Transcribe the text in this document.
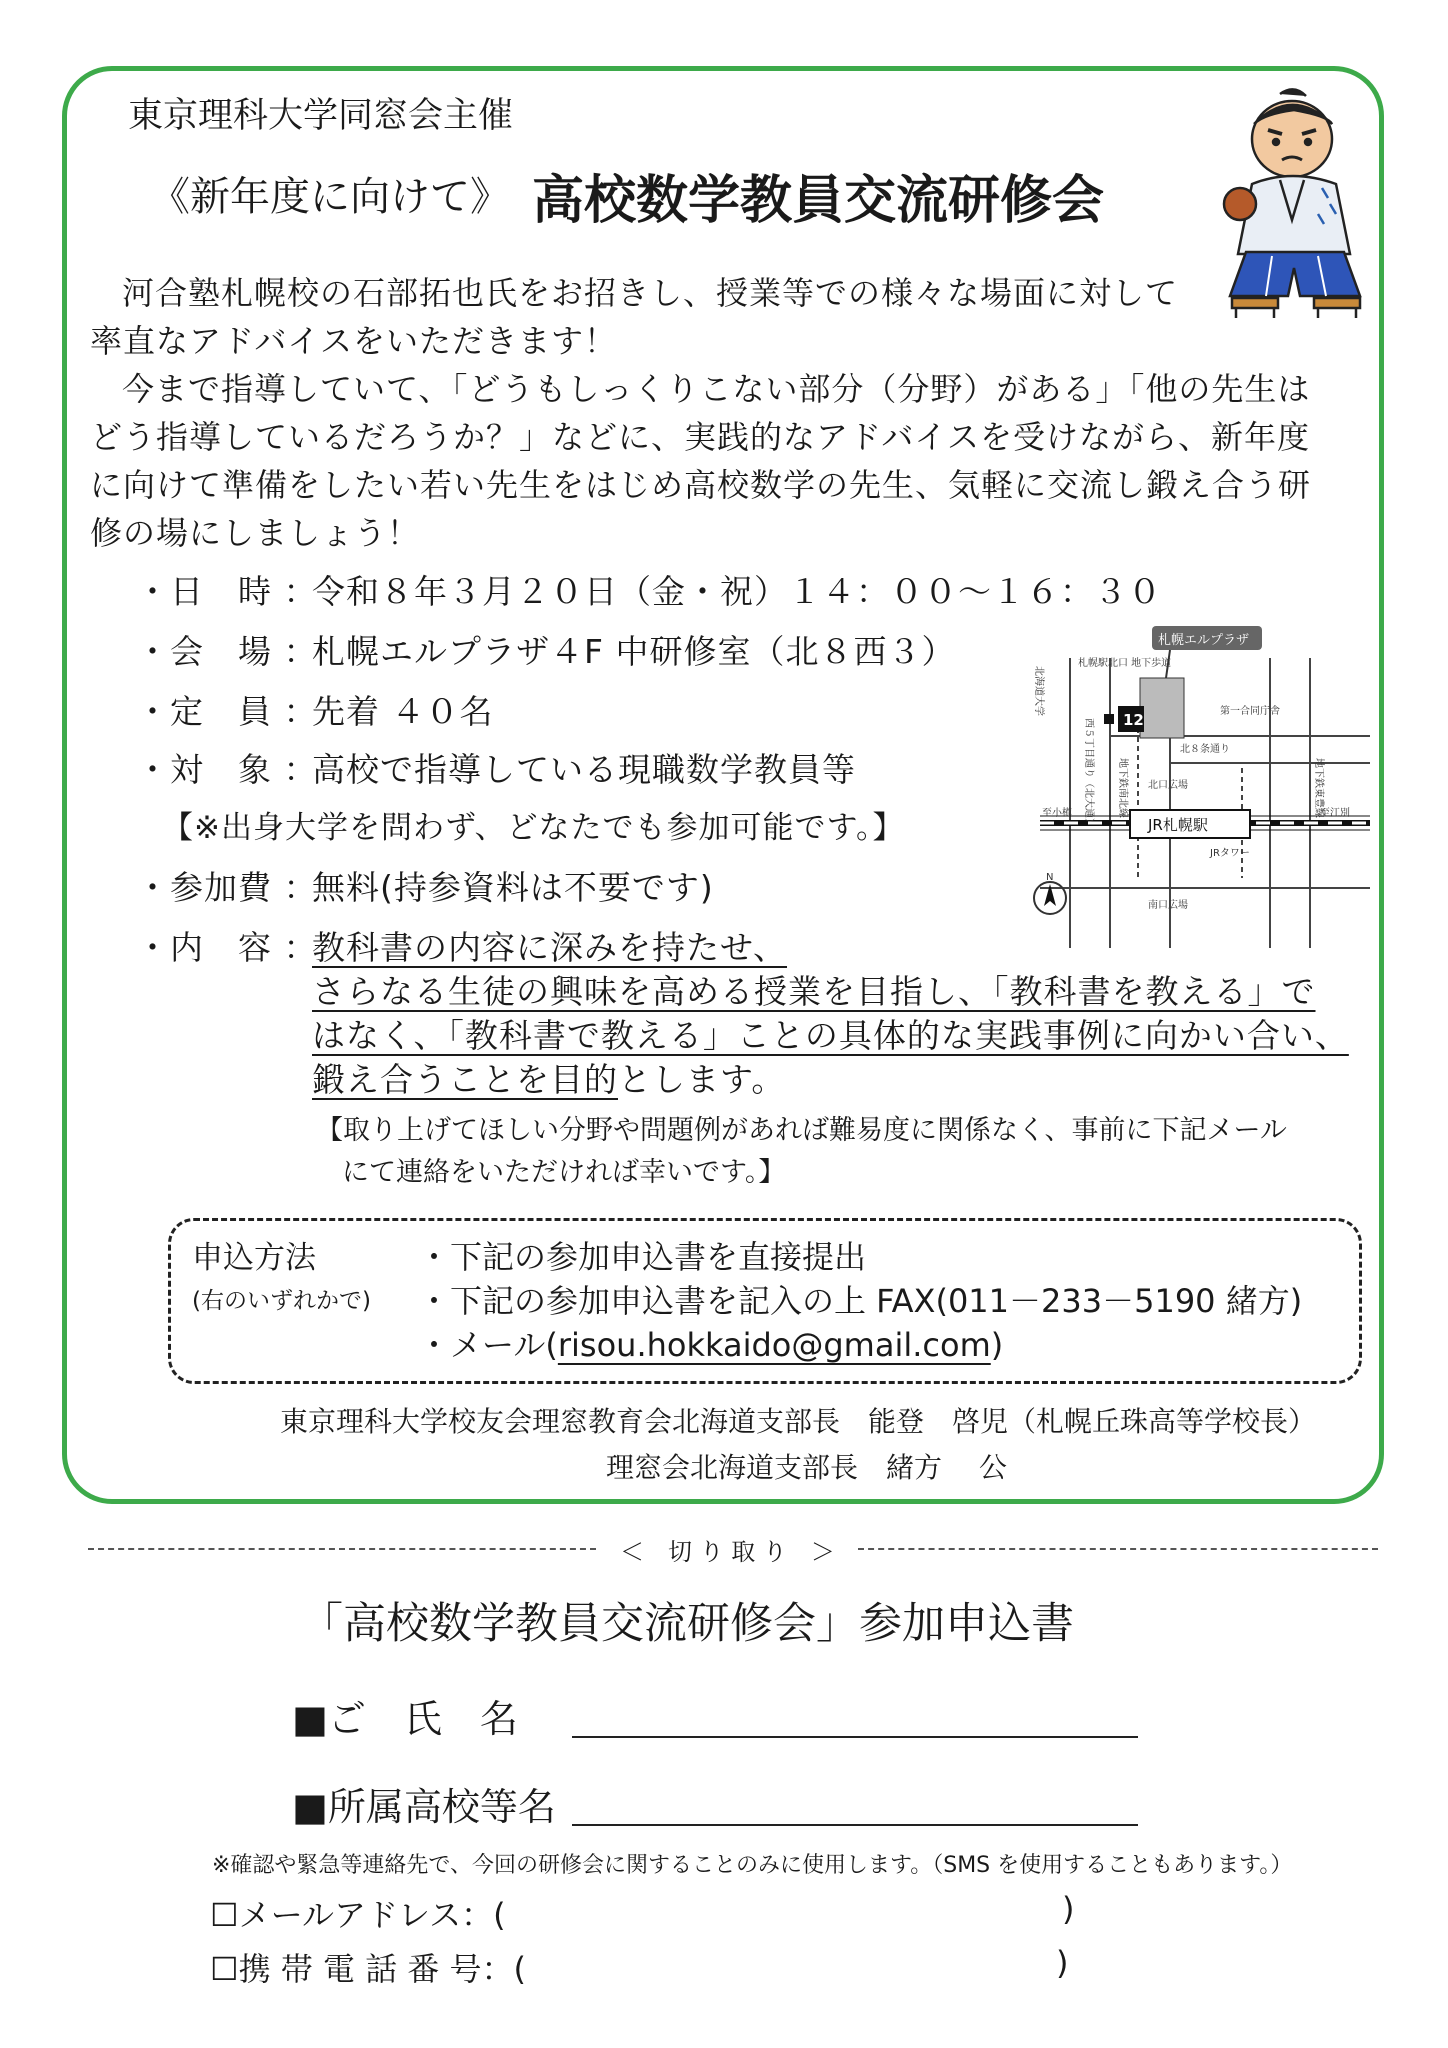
東京理科大学同窓会主催
《新年度に向けて》 高校数学教員交流研修会
河合塾札幌校の石部拓也氏をお招きし、授業等での様々な場面に対して
率直なアドバイスをいただきます！
今まで指導していて、「どうもしっくりこない部分（分野）がある」「他の先生は
どう指導しているだろうか？」などに、実践的なアドバイスを受けながら、新年度
に向けて準備をしたい若い先生をはじめ高校数学の先生、気軽に交流し鍛え合う研
修の場にしましょう！
・日　時 ：
令和８年３月２０日（金・祝）１４：００〜１６：３０
・会　場 ：
札幌エルプラザ４F 中研修室（北８西３）
・定　員 ：
先着 ４０名
・対　象 ：
高校で指導している現職数学教員等
【※出身大学を問わず、どなたでも参加可能です。】
・参加費 ：
無料(持参資料は不要です)
・内　容 ：
教科書の内容に深みを持たせ、
さらなる生徒の興味を高める授業を目指し、「教科書を教える」で
はなく、「教科書で教える」ことの具体的な実践事例に向かい合い、
鍛え合うことを目的とします。
【取り上げてほしい分野や問題例があれば難易度に関係なく、事前に下記メール
にて連絡をいただければ幸いです。】
札幌エルプラザ
12
札幌駅北口 地下歩道
JR札幌駅
北口広場
南口広場
JRタワー
北８条通り
第一合同庁舎
至小樽	至江別
北海道大学
西５丁目通り（北大通） 地下鉄南北線	地下鉄東豊線
N
申込方法
(右のいずれかで)
・下記の参加申込書を直接提出
・下記の参加申込書を記入の上 FAX(011－233－5190 緒方)
・メール(risou.hokkaido@gmail.com)
東京理科大学校友会理窓教育会北海道支部長　能登　啓児（札幌丘珠高等学校長）
理窓会北海道支部長　緒方　 公
＜　切 り 取 り　＞
「高校数学教員交流研修会」参加申込書
■ご　氏　名
■所属高校等名
※確認や緊急等連絡先で、今回の研修会に関することのみに使用します。（SMS を使用することもあります。）
☐メールアドレス：(	)
☐携 帯 電 話 番 号：(	)
